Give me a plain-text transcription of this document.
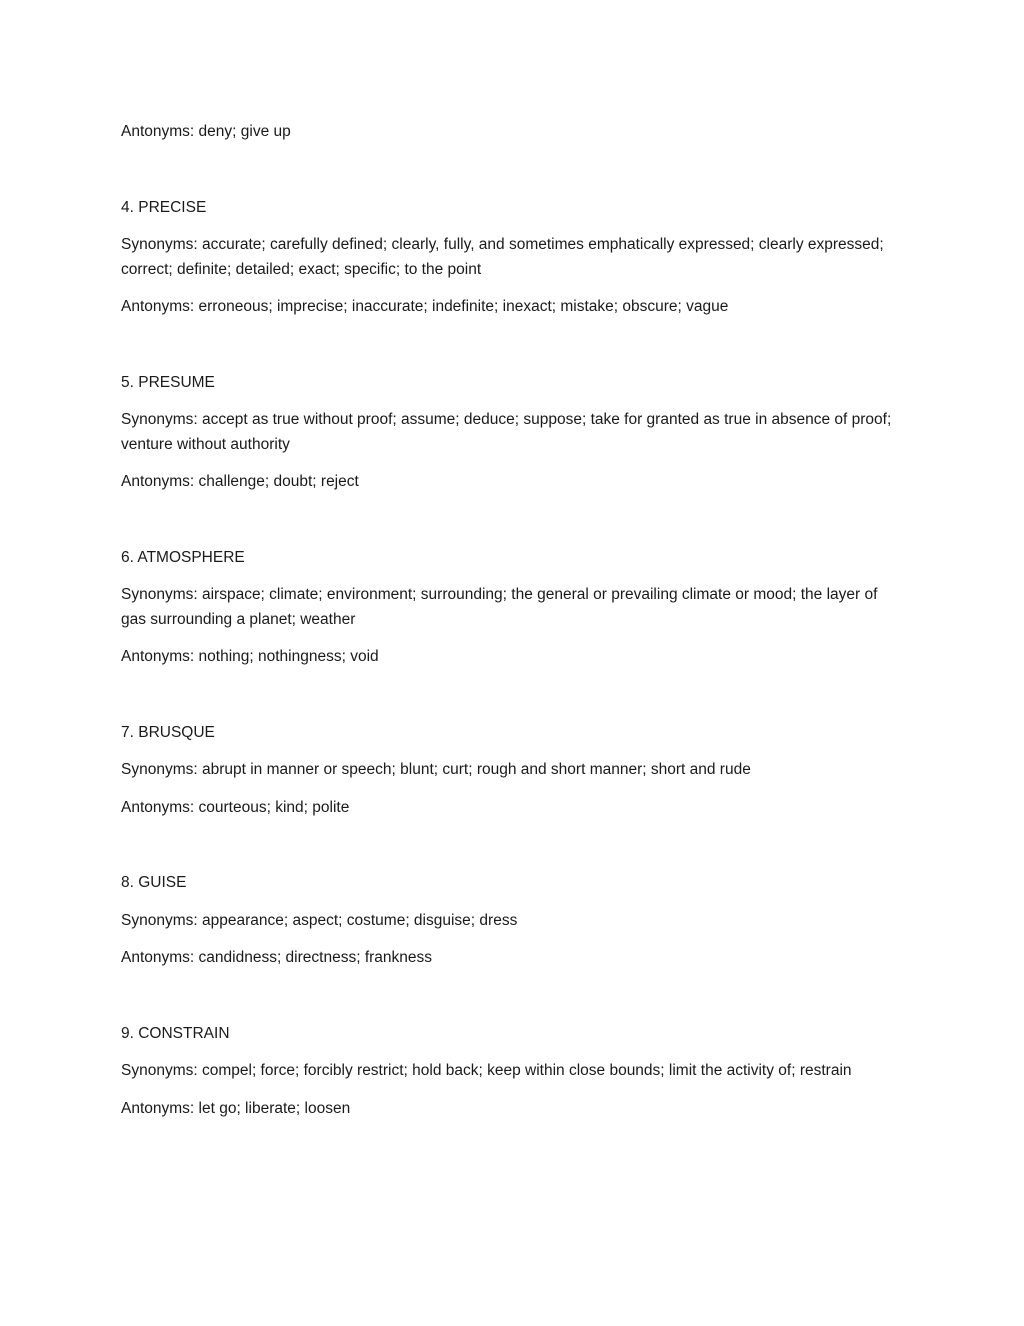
Antonyms: deny; give up

4. PRECISE

Synonyms: accurate; carefully defined; clearly, fully, and sometimes emphatically expressed; clearly expressed; correct; definite; detailed; exact; specific; to the point

Antonyms: erroneous; imprecise; inaccurate; indefinite; inexact; mistake; obscure; vague

5. PRESUME

Synonyms: accept as true without proof; assume; deduce; suppose; take for granted as true in absence of proof; venture without authority

Antonyms: challenge; doubt; reject

6. ATMOSPHERE

Synonyms: airspace; climate; environment; surrounding; the general or prevailing climate or mood; the layer of gas surrounding a planet; weather

Antonyms: nothing; nothingness; void

7. BRUSQUE

Synonyms: abrupt in manner or speech; blunt; curt; rough and short manner; short and rude

Antonyms: courteous; kind; polite

8. GUISE

Synonyms: appearance; aspect; costume; disguise; dress

Antonyms: candidness; directness; frankness

9. CONSTRAIN

Synonyms: compel; force; forcibly restrict; hold back; keep within close bounds; limit the activity of; restrain

Antonyms: let go; liberate; loosen
